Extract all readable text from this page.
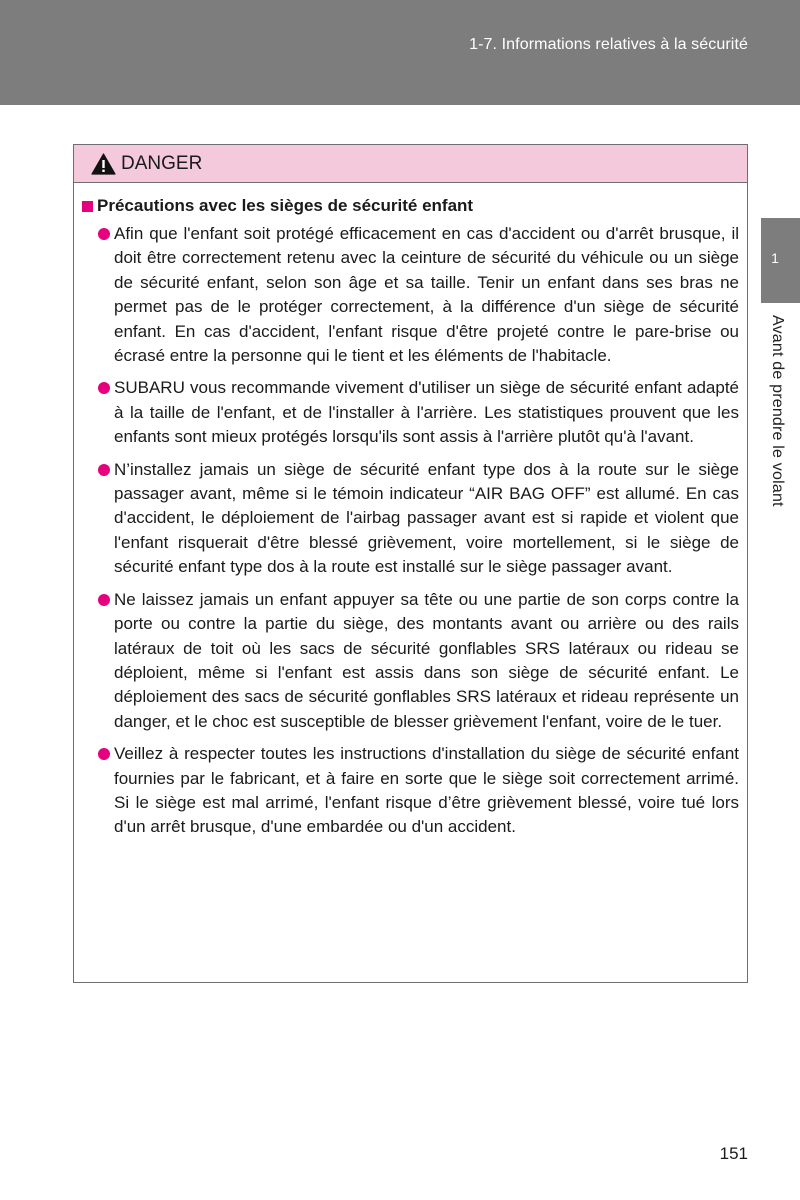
1-7. Informations relatives à la sécurité
1
Avant de prendre le volant
DANGER
Précautions avec les sièges de sécurité enfant
Afin que l'enfant soit protégé efficacement en cas d'accident ou d'arrêt brusque, il doit être correctement retenu avec la ceinture de sécurité du véhicule ou un siège de sécurité enfant, selon son âge et sa taille. Tenir un enfant dans ses bras ne permet pas de le protéger correctement, à la différence d'un siège de sécurité enfant. En cas d'accident, l'enfant risque d'être projeté contre le pare-brise ou écrasé entre la personne qui le tient et les éléments de l'habitacle.
SUBARU vous recommande vivement d'utiliser un siège de sécurité enfant adapté à la taille de l'enfant, et de l'installer à l'arrière. Les statistiques prouvent que les enfants sont mieux protégés lorsqu'ils sont assis à l'arrière plutôt qu'à l'avant.
N’installez jamais un siège de sécurité enfant type dos à la route sur le siège passager avant, même si le témoin indicateur “AIR BAG OFF” est allumé. En cas d'accident, le déploiement de l'airbag passager avant est si rapide et violent que l'enfant risquerait d'être blessé grièvement, voire mortellement, si le siège de sécurité enfant type dos à la route est installé sur le siège passager avant.
Ne laissez jamais un enfant appuyer sa tête ou une partie de son corps contre la porte ou contre la partie du siège, des montants avant ou arrière ou des rails latéraux de toit où les sacs de sécurité gonflables SRS latéraux ou rideau se déploient, même si l'enfant est assis dans son siège de sécurité enfant. Le déploiement des sacs de sécurité gonflables SRS latéraux et rideau représente un danger, et le choc est susceptible de blesser grièvement l'enfant, voire de le tuer.
Veillez à respecter toutes les instructions d'installation du siège de sécurité enfant fournies par le fabricant, et à faire en sorte que le siège soit correctement arrimé. Si le siège est mal arrimé, l'enfant risque d’être grièvement blessé, voire tué lors d'un arrêt brusque, d'une embardée ou d'un accident.
151
